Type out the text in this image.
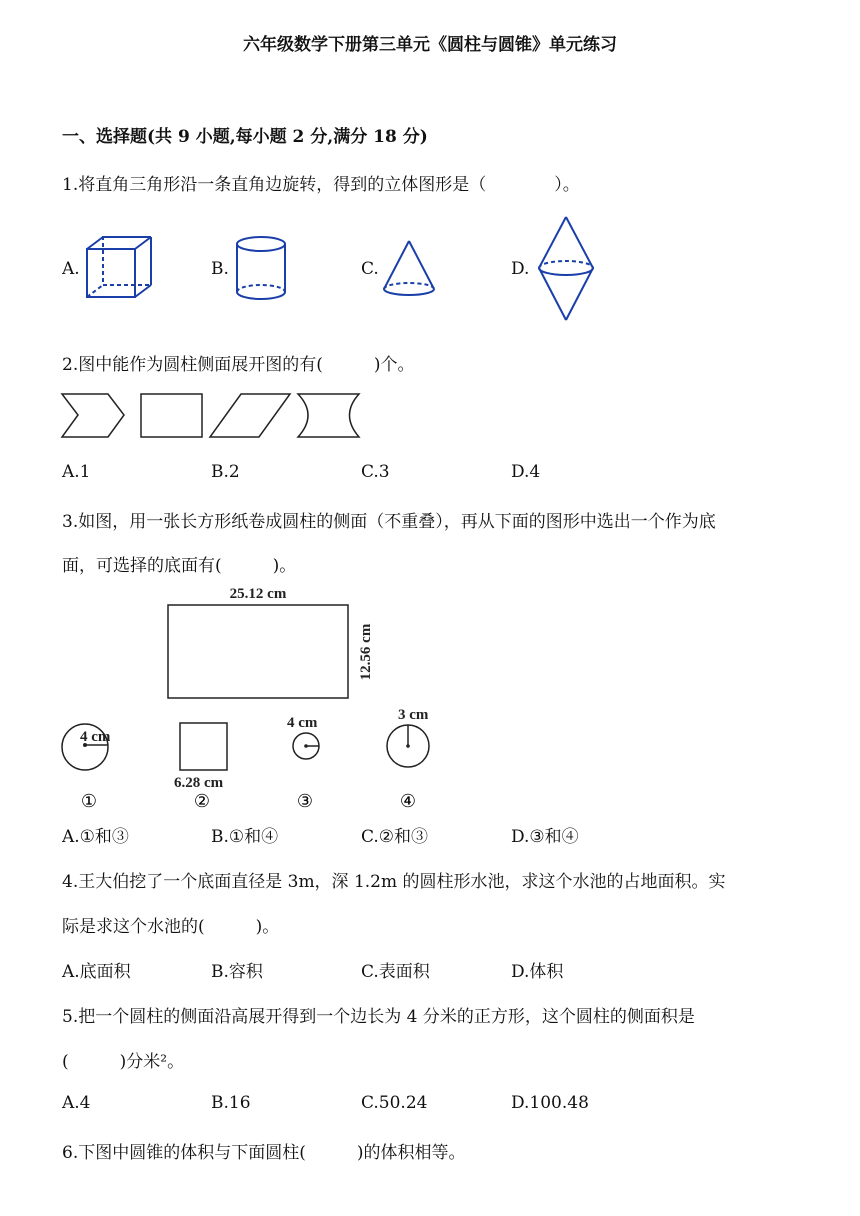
六年级数学下册第三单元《圆柱与圆锥》单元练习
一、选择题(共 9 小题,每小题 2 分,满分 18 分)
1.将直角三角形沿一条直角边旋转，得到的立体图形是（　　　　）。
A.	B.	C.	D.
2.图中能作为圆柱侧面展开图的有(　　　)个。
A.1	B.2	C.3	D.4
3.如图，用一张长方形纸卷成圆柱的侧面（不重叠），再从下面的图形中选出一个作为底
面，可选择的底面有(　　　)。
25.12 cm
12.56 cm
4 cm
6.28 cm
4 cm	3 cm
①	②	③	④
A.①和③	B.①和④	C.②和③	D.③和④
4.王大伯挖了一个底面直径是 3m，深 1.2m 的圆柱形水池，求这个水池的占地面积。实
际是求这个水池的(　　　)。
A.底面积	B.容积	C.表面积	D.体积
5.把一个圆柱的侧面沿高展开得到一个边长为 4 分米的正方形，这个圆柱的侧面积是
(　　　)分米²。
A.4	B.16	C.50.24	D.100.48
6.下图中圆锥的体积与下面圆柱(　　　)的体积相等。
